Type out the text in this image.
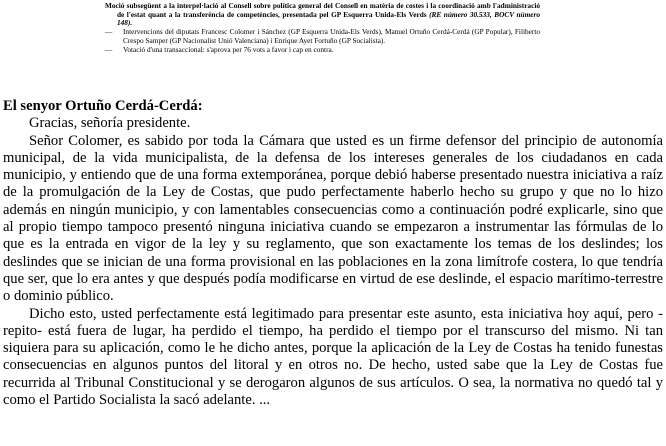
Moció subsegüent a la interpel·lació al Consell sobre política general del Consell en matèria de costes i la coordinació amb l'administració de l'estat quant a la transferència de competències, presentada pel GP Esquerra Unida-Els Verds (RE número 30.533, BOCV número 148).
— Intervencions del diputats Francesc Colomer i Sánchez (GP Esquerra Unida-Els Verds), Manuel Ortuño Cerdá-Cerdá (GP Popular), Filiberto Crespo Samper (GP Nacionalist Unió Valenciana) i Enrique Ayet Fortuño (GP Socialista).
— Votació d'una transaccional: s'aprova per 76 vots a favor i cap en contra.

El senyor Ortuño Cerdá-Cerdá:

Gracias, señoría presidente.

Señor Colomer, es sabido por toda la Cámara que usted es un firme defensor del principio de autonomía municipal, de la vida municipalista, de la defensa de los intereses generales de los ciudadanos en cada municipio, y entiendo que de una forma extemporánea, porque debió haberse presentado nuestra iniciativa a raíz de la promulgación de la Ley de Costas, que pudo perfectamente haberlo hecho su grupo y que no lo hizo además en ningún municipio, y con lamentables consecuencias como a continuación podré explicarle, sino que al propio tiempo tampoco presentó ninguna iniciativa cuando se empezaron a instrumentar las fórmulas de lo que es la entrada en vigor de la ley y su reglamento, que son exactamente los temas de los deslindes; los deslindes que se inician de una forma provisional en las poblaciones en la zona limítrofe costera, lo que tendría que ser, que lo era antes y que después podía modificarse en virtud de ese deslinde, el espacio marítimo-terrestre o dominio público.

Dicho esto, usted perfectamente está legitimado para presentar este asunto, esta iniciativa hoy aquí, pero -repito- está fuera de lugar, ha perdido el tiempo, ha perdido el tiempo por el transcurso del mismo. Ni tan siquiera para su aplicación, como le he dicho antes, porque la aplicación de la Ley de Costas ha tenido funestas consecuencias en algunos puntos del litoral y en otros no. De hecho, usted sabe que la Ley de Costas fue recurrida al Tribunal Constitucional y se derogaron algunos de sus artículos. O sea, la normativa no quedó tal y como el Partido Socialista la sacó adelante. ...
